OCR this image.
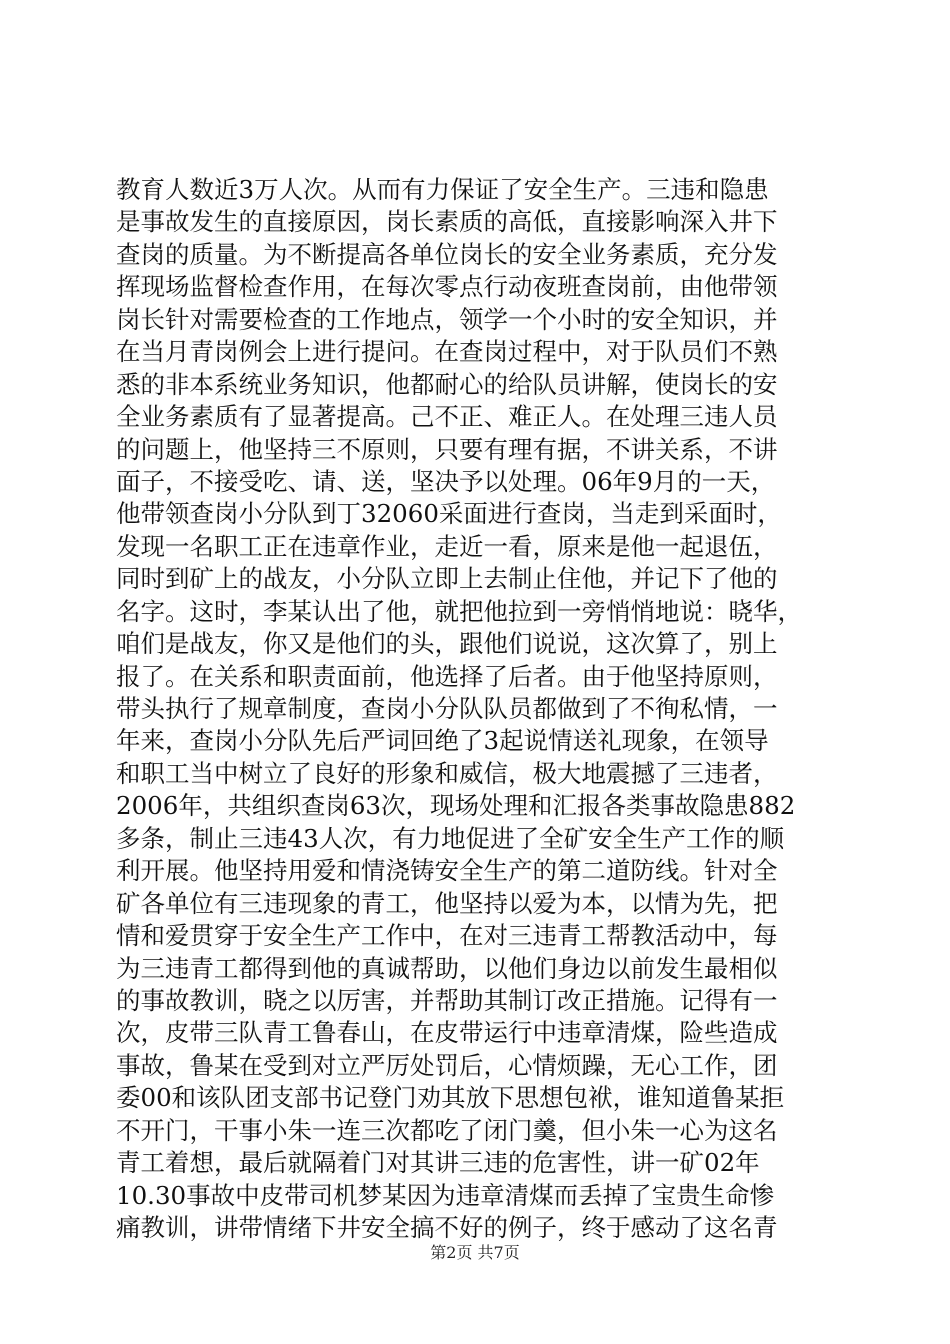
教育人数近3万人次。从而有力保证了安全生产。三违和隐患
是事故发生的直接原因，岗长素质的高低，直接影响深入井下
查岗的质量。为不断提高各单位岗长的安全业务素质，充分发
挥现场监督检查作用，在每次零点行动夜班查岗前，由他带领
岗长针对需要检查的工作地点，领学一个小时的安全知识，并
在当月青岗例会上进行提问。在查岗过程中，对于队员们不熟
悉的非本系统业务知识，他都耐心的给队员讲解，使岗长的安
全业务素质有了显著提高。己不正、难正人。在处理三违人员
的问题上，他坚持三不原则，只要有理有据，不讲关系，不讲
面子，不接受吃、请、送，坚决予以处理。06年9月的一天，
他带领查岗小分队到丁32060采面进行查岗，当走到采面时，
发现一名职工正在违章作业，走近一看，原来是他一起退伍，
同时到矿上的战友，小分队立即上去制止住他，并记下了他的
名字。这时，李某认出了他，就把他拉到一旁悄悄地说：晓华，
咱们是战友，你又是他们的头，跟他们说说，这次算了，别上
报了。在关系和职责面前，他选择了后者。由于他坚持原则，
带头执行了规章制度，查岗小分队队员都做到了不徇私情，一
年来，查岗小分队先后严词回绝了3起说情送礼现象，在领导
和职工当中树立了良好的形象和威信，极大地震撼了三违者，
2006年，共组织查岗63次，现场处理和汇报各类事故隐患882
多条，制止三违43人次，有力地促进了全矿安全生产工作的顺
利开展。他坚持用爱和情浇铸安全生产的第二道防线。针对全
矿各单位有三违现象的青工，他坚持以爱为本，以情为先，把
情和爱贯穿于安全生产工作中，在对三违青工帮教活动中，每
为三违青工都得到他的真诚帮助，以他们身边以前发生最相似
的事故教训，晓之以厉害，并帮助其制订改正措施。记得有一
次，皮带三队青工鲁春山，在皮带运行中违章清煤，险些造成
事故，鲁某在受到对立严厉处罚后，心情烦躁，无心工作，团
委00和该队团支部书记登门劝其放下思想包袱，谁知道鲁某拒
不开门，干事小朱一连三次都吃了闭门羹，但小朱一心为这名
青工着想，最后就隔着门对其讲三违的危害性，讲一矿02年
10.30事故中皮带司机梦某因为违章清煤而丢掉了宝贵生命惨
痛教训，讲带情绪下井安全搞不好的例子，终于感动了这名青
第2页 共7页
